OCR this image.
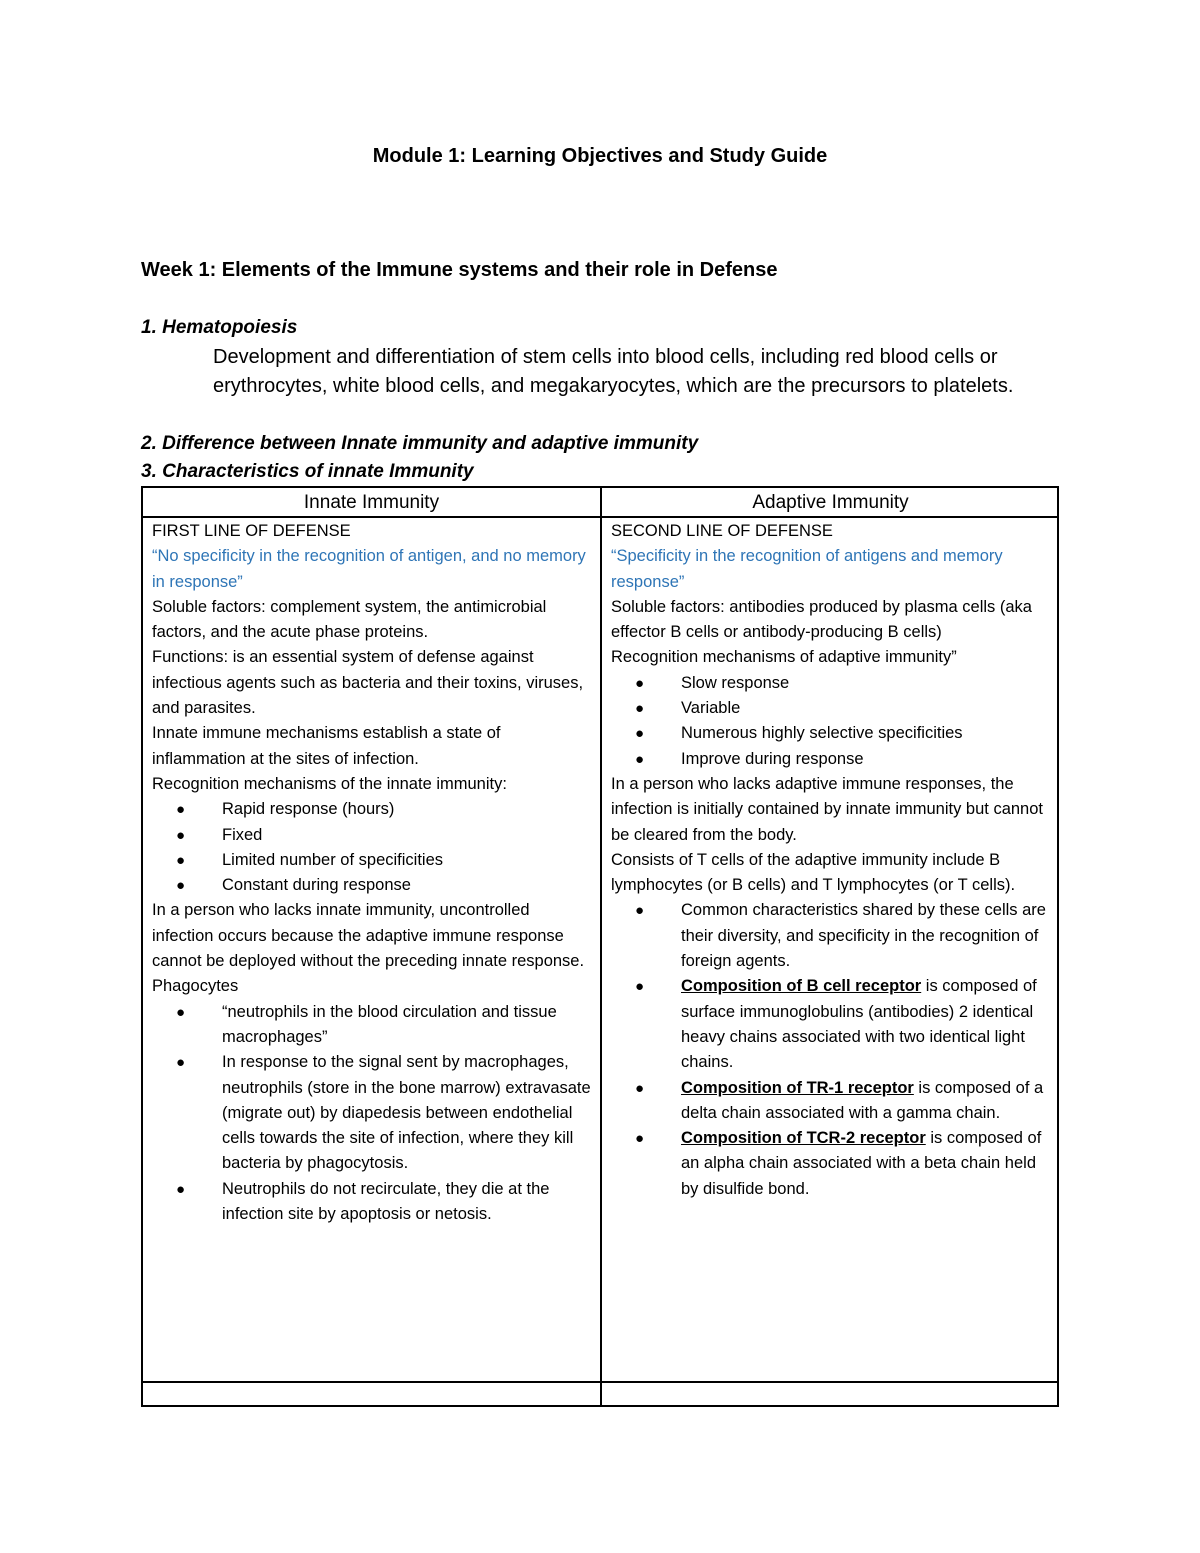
Module 1: Learning Objectives and Study Guide
Week 1: Elements of the Immune systems and their role in Defense
1. Hematopoiesis
Development and differentiation of stem cells into blood cells, including red blood cells or erythrocytes, white blood cells, and megakaryocytes, which are the precursors to platelets.
2. Difference between Innate immunity and adaptive immunity
3. Characteristics of innate Immunity
Innate Immunity	Adaptive Immunity

FIRST LINE OF DEFENSE

“No specificity in the recognition of antigen, and no memory in response”

Soluble factors: complement system, the antimicrobial factors, and the acute phase proteins.

Functions: is an essential system of defense against infectious agents such as bacteria and their toxins, viruses, and parasites.

Innate immune mechanisms establish a state of inflammation at the sites of infection.

Recognition mechanisms of the innate immunity:

● Rapid response (hours)
● Fixed
● Limited number of specificities
● Constant during response

In a person who lacks innate immunity, uncontrolled infection occurs because the adaptive immune response cannot be deployed without the preceding innate response.

Phagocytes

● “neutrophils in the blood circulation and tissue macrophages”
● In response to the signal sent by macrophages, neutrophils (store in the bone marrow) extravasate (migrate out) by diapedesis between endothelial cells towards the site of infection, where they kill bacteria by phagocytosis.
● Neutrophils do not recirculate, they die at the infection site by apoptosis or netosis.

SECOND LINE OF DEFENSE

“Specificity in the recognition of antigens and memory response”

Soluble factors: antibodies produced by plasma cells (aka effector B cells or antibody-producing B cells)

Recognition mechanisms of adaptive immunity”

● Slow response
● Variable
● Numerous highly selective specificities
● Improve during response

In a person who lacks adaptive immune responses, the infection is initially contained by innate immunity but cannot be cleared from the body.

Consists of T cells of the adaptive immunity include B lymphocytes (or B cells) and T lymphocytes (or T cells).

● Common characteristics shared by these cells are their diversity, and specificity in the recognition of foreign agents.
● Composition of B cell receptor is composed of surface immunoglobulins (antibodies) 2 identical heavy chains associated with two identical light chains.
● Composition of TR-1 receptor is composed of a delta chain associated with a gamma chain.
● Composition of TCR-2 receptor is composed of an alpha chain associated with a beta chain held by disulfide bond.
